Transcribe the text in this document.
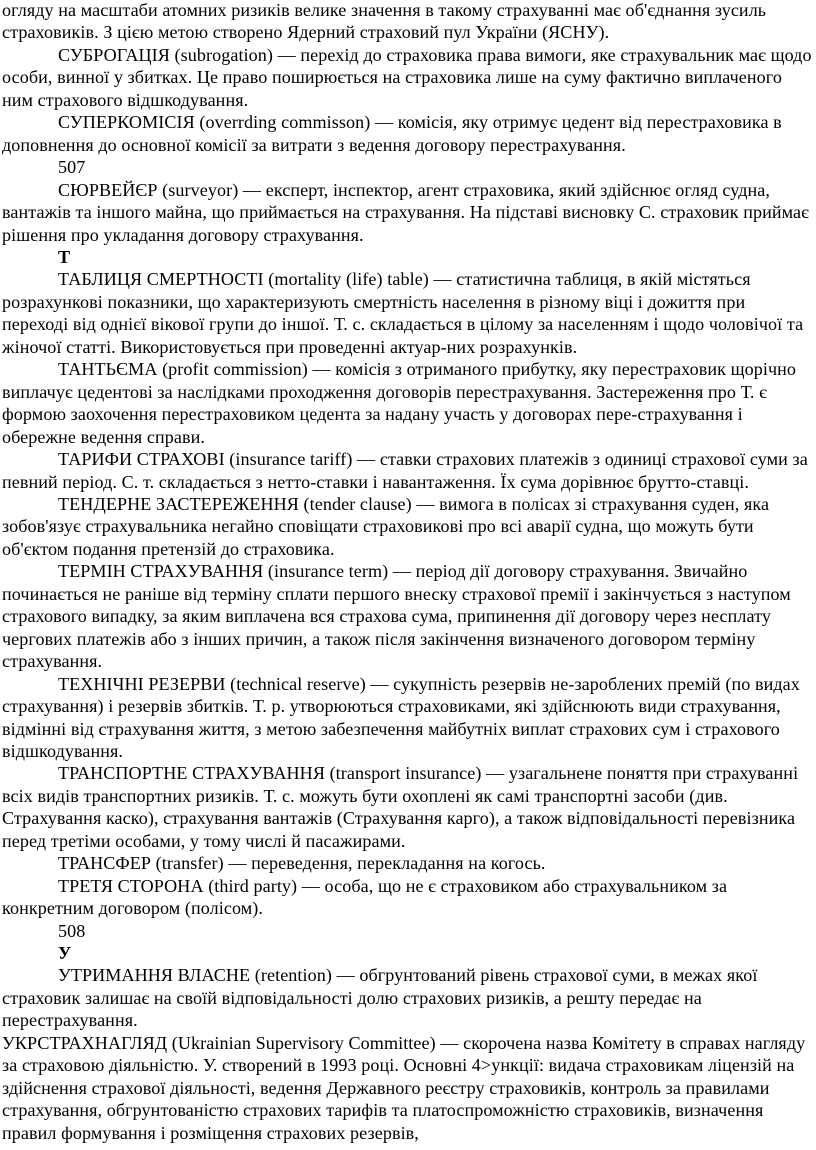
огляду на масштаби атомних ризиків велике значення в такому страхуванні має об'єднання зусиль страховиків. З цією метою створено Ядерний страховий пул України (ЯСНУ).

СУБРОГАЦІЯ (subrogation) — перехід до страховика права вимоги, яке страхувальник має щодо особи, винної у збитках. Це право поширюється на страховика лише на суму фактично виплаченого ним страхового відшкодування.

СУПЕРКОМІСІЯ (overrding commisson) — комісія, яку отримує цедент від перестраховика в доповнення до основної комісії за витрати з ведення договору перестрахування.

507

СЮРВЕЙЄР (surveyor) — експерт, інспектор, агент страховика, який здійснює огляд судна, вантажів та іншого майна, що приймається на страхування. На підставі висновку С. страховик приймає рішення про укладання договору страхування.

Т

ТАБЛИЦЯ СМЕРТНОСТІ (mortality (life) table) — статистична таблиця, в якій містяться розрахункові показники, що характеризують смертність населення в різному віці і дожиття при переході від однієї вікової групи до іншої. Т. с. складається в цілому за населенням і щодо чоловічої та жіночої статті. Використовується при проведенні актуар-них розрахунків.

ТАНТЬЄМА (profit commission) — комісія з отриманого прибутку, яку перестраховик щорічно виплачує цедентові за наслідками проходження договорів перестрахування. Застереження про Т. є формою заохочення перестраховиком цедента за надану участь у договорах пере-страхування і обережне ведення справи.

ТАРИФИ СТРАХОВІ (insurance tariff) — ставки страхових платежів з одиниці страхової суми за певний період. С. т. складається з нетто-ставки і навантаження. Їх сума дорівнює брутто-ставці.

ТЕНДЕРНЕ ЗАСТЕРЕЖЕННЯ (tender clause) — вимога в полісах зі страхування суден, яка зобов'язує страхувальника негайно сповіщати страховикові про всі аварії судна, що можуть бути об'єктом подання претензій до страховика.

ТЕРМІН СТРАХУВАННЯ (insurance term) — період дії договору страхування. Звичайно починається не раніше від терміну сплати першого внеску страхової премії і закінчується з наступом страхового випадку, за яким виплачена вся страхова сума, припинення дії договору через несплату чергових платежів або з інших причин, а також після закінчення визначеного договором терміну страхування.

ТЕХНІЧНІ РЕЗЕРВИ (technical reserve) — сукупність резервів не-зароблених премій (по видах страхування) і резервів збитків. Т. р. утворюються страховиками, які здійснюють види страхування, відмінні від страхування життя, з метою забезпечення майбутніх виплат страхових сум і страхового відшкодування.

ТРАНСПОРТНЕ СТРАХУВАННЯ (transport insurance) — узагальнене поняття при страхуванні всіх видів транспортних ризиків. Т. с. можуть бути охоплені як самі транспортні засоби (див. Страхування каско), страхування вантажів (Страхування карго), а також відповідальності перевізника перед третіми особами, у тому числі й пасажирами.

ТРАНСФЕР (transfer) — переведення, перекладання на когось.

ТРЕТЯ СТОРОНА (third party) — особа, що не є страховиком або страхувальником за конкретним договором (полісом).

508

У

УТРИМАННЯ ВЛАСНЕ (retention) — обгрунтований рівень страхової суми, в межах якої страховик залишає на своїй відповідальності долю страхових ризиків, а решту передає на перестрахування.

УКРСТРАХНАГЛЯД (Ukrainian Supervisory Committee) — скорочена назва Комітету в справах нагляду за страховою діяльністю. У. створений в 1993 році. Основні 4>ункції: видача страховикам ліцензій на здійснення страхової діяльності, ведення Державного реєстру страховиків, контроль за правилами страхування, обгрунтованістю страхових тарифів та платоспроможністю страховиків, визначення правил формування і розміщення страхових резервів,
